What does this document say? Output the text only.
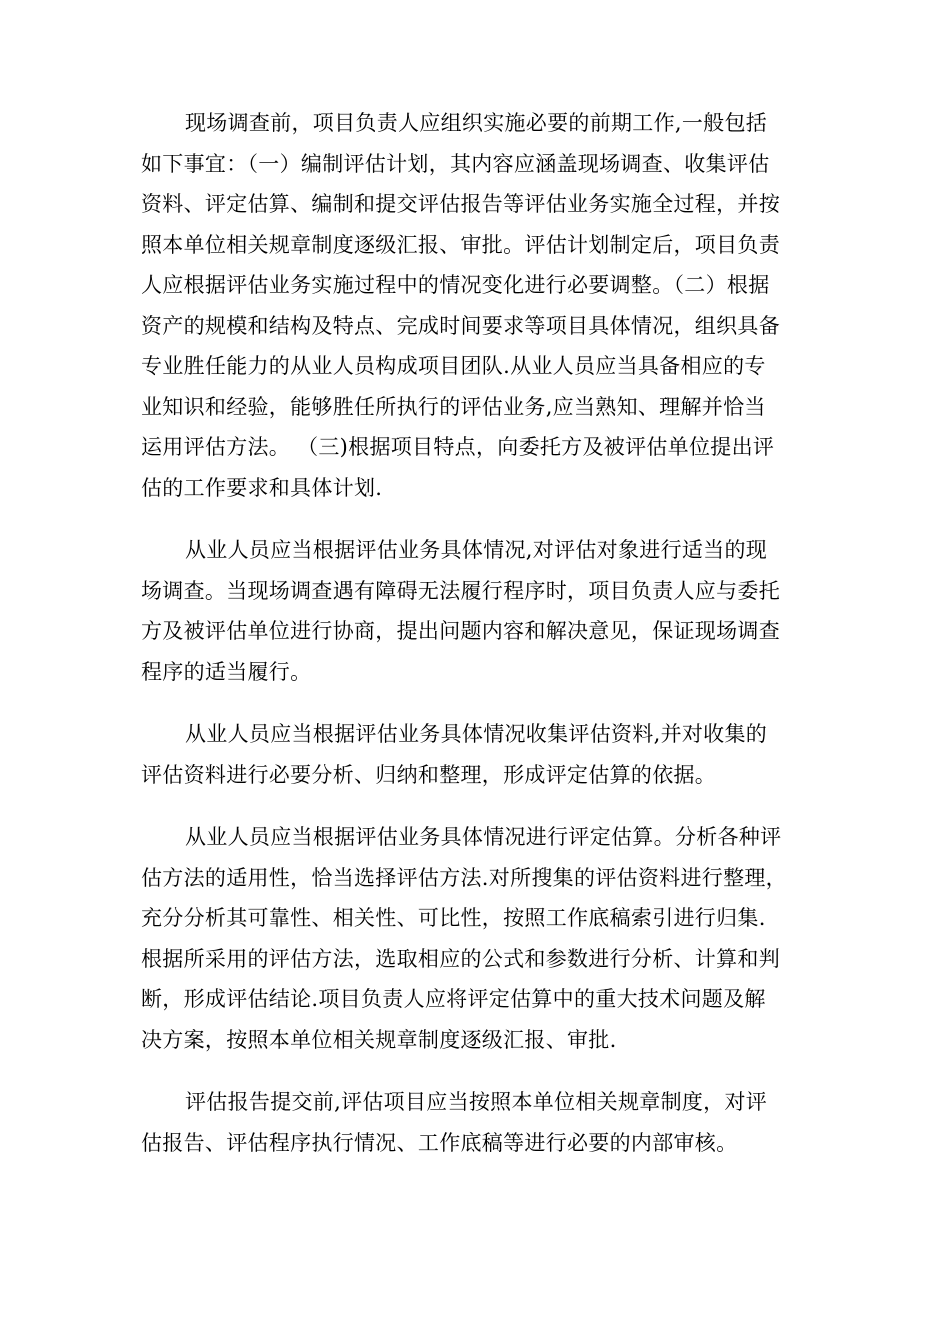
现场调查前，项目负责人应组织实施必要的前期工作,一般包括
如下事宜：（一）编制评估计划，其内容应涵盖现场调查、收集评估
资料、评定估算、编制和提交评估报告等评估业务实施全过程，并按
照本单位相关规章制度逐级汇报、审批。评估计划制定后，项目负责
人应根据评估业务实施过程中的情况变化进行必要调整。（二）根据
资产的规模和结构及特点、完成时间要求等项目具体情况，组织具备
专业胜任能力的从业人员构成项目团队.从业人员应当具备相应的专
业知识和经验，能够胜任所执行的评估业务,应当熟知、理解并恰当
运用评估方法。 （三)根据项目特点，向委托方及被评估单位提出评
估的工作要求和具体计划.

从业人员应当根据评估业务具体情况,对评估对象进行适当的现
场调查。当现场调查遇有障碍无法履行程序时，项目负责人应与委托
方及被评估单位进行协商，提出问题内容和解决意见，保证现场调查
程序的适当履行。

从业人员应当根据评估业务具体情况收集评估资料,并对收集的
评估资料进行必要分析、归纳和整理，形成评定估算的依据。

从业人员应当根据评估业务具体情况进行评定估算。分析各种评
估方法的适用性，恰当选择评估方法.对所搜集的评估资料进行整理，
充分分析其可靠性、相关性、可比性，按照工作底稿索引进行归集.
根据所采用的评估方法，选取相应的公式和参数进行分析、计算和判
断，形成评估结论.项目负责人应将评定估算中的重大技术问题及解
决方案，按照本单位相关规章制度逐级汇报、审批.

评估报告提交前,评估项目应当按照本单位相关规章制度，对评
估报告、评估程序执行情况、工作底稿等进行必要的内部审核。
